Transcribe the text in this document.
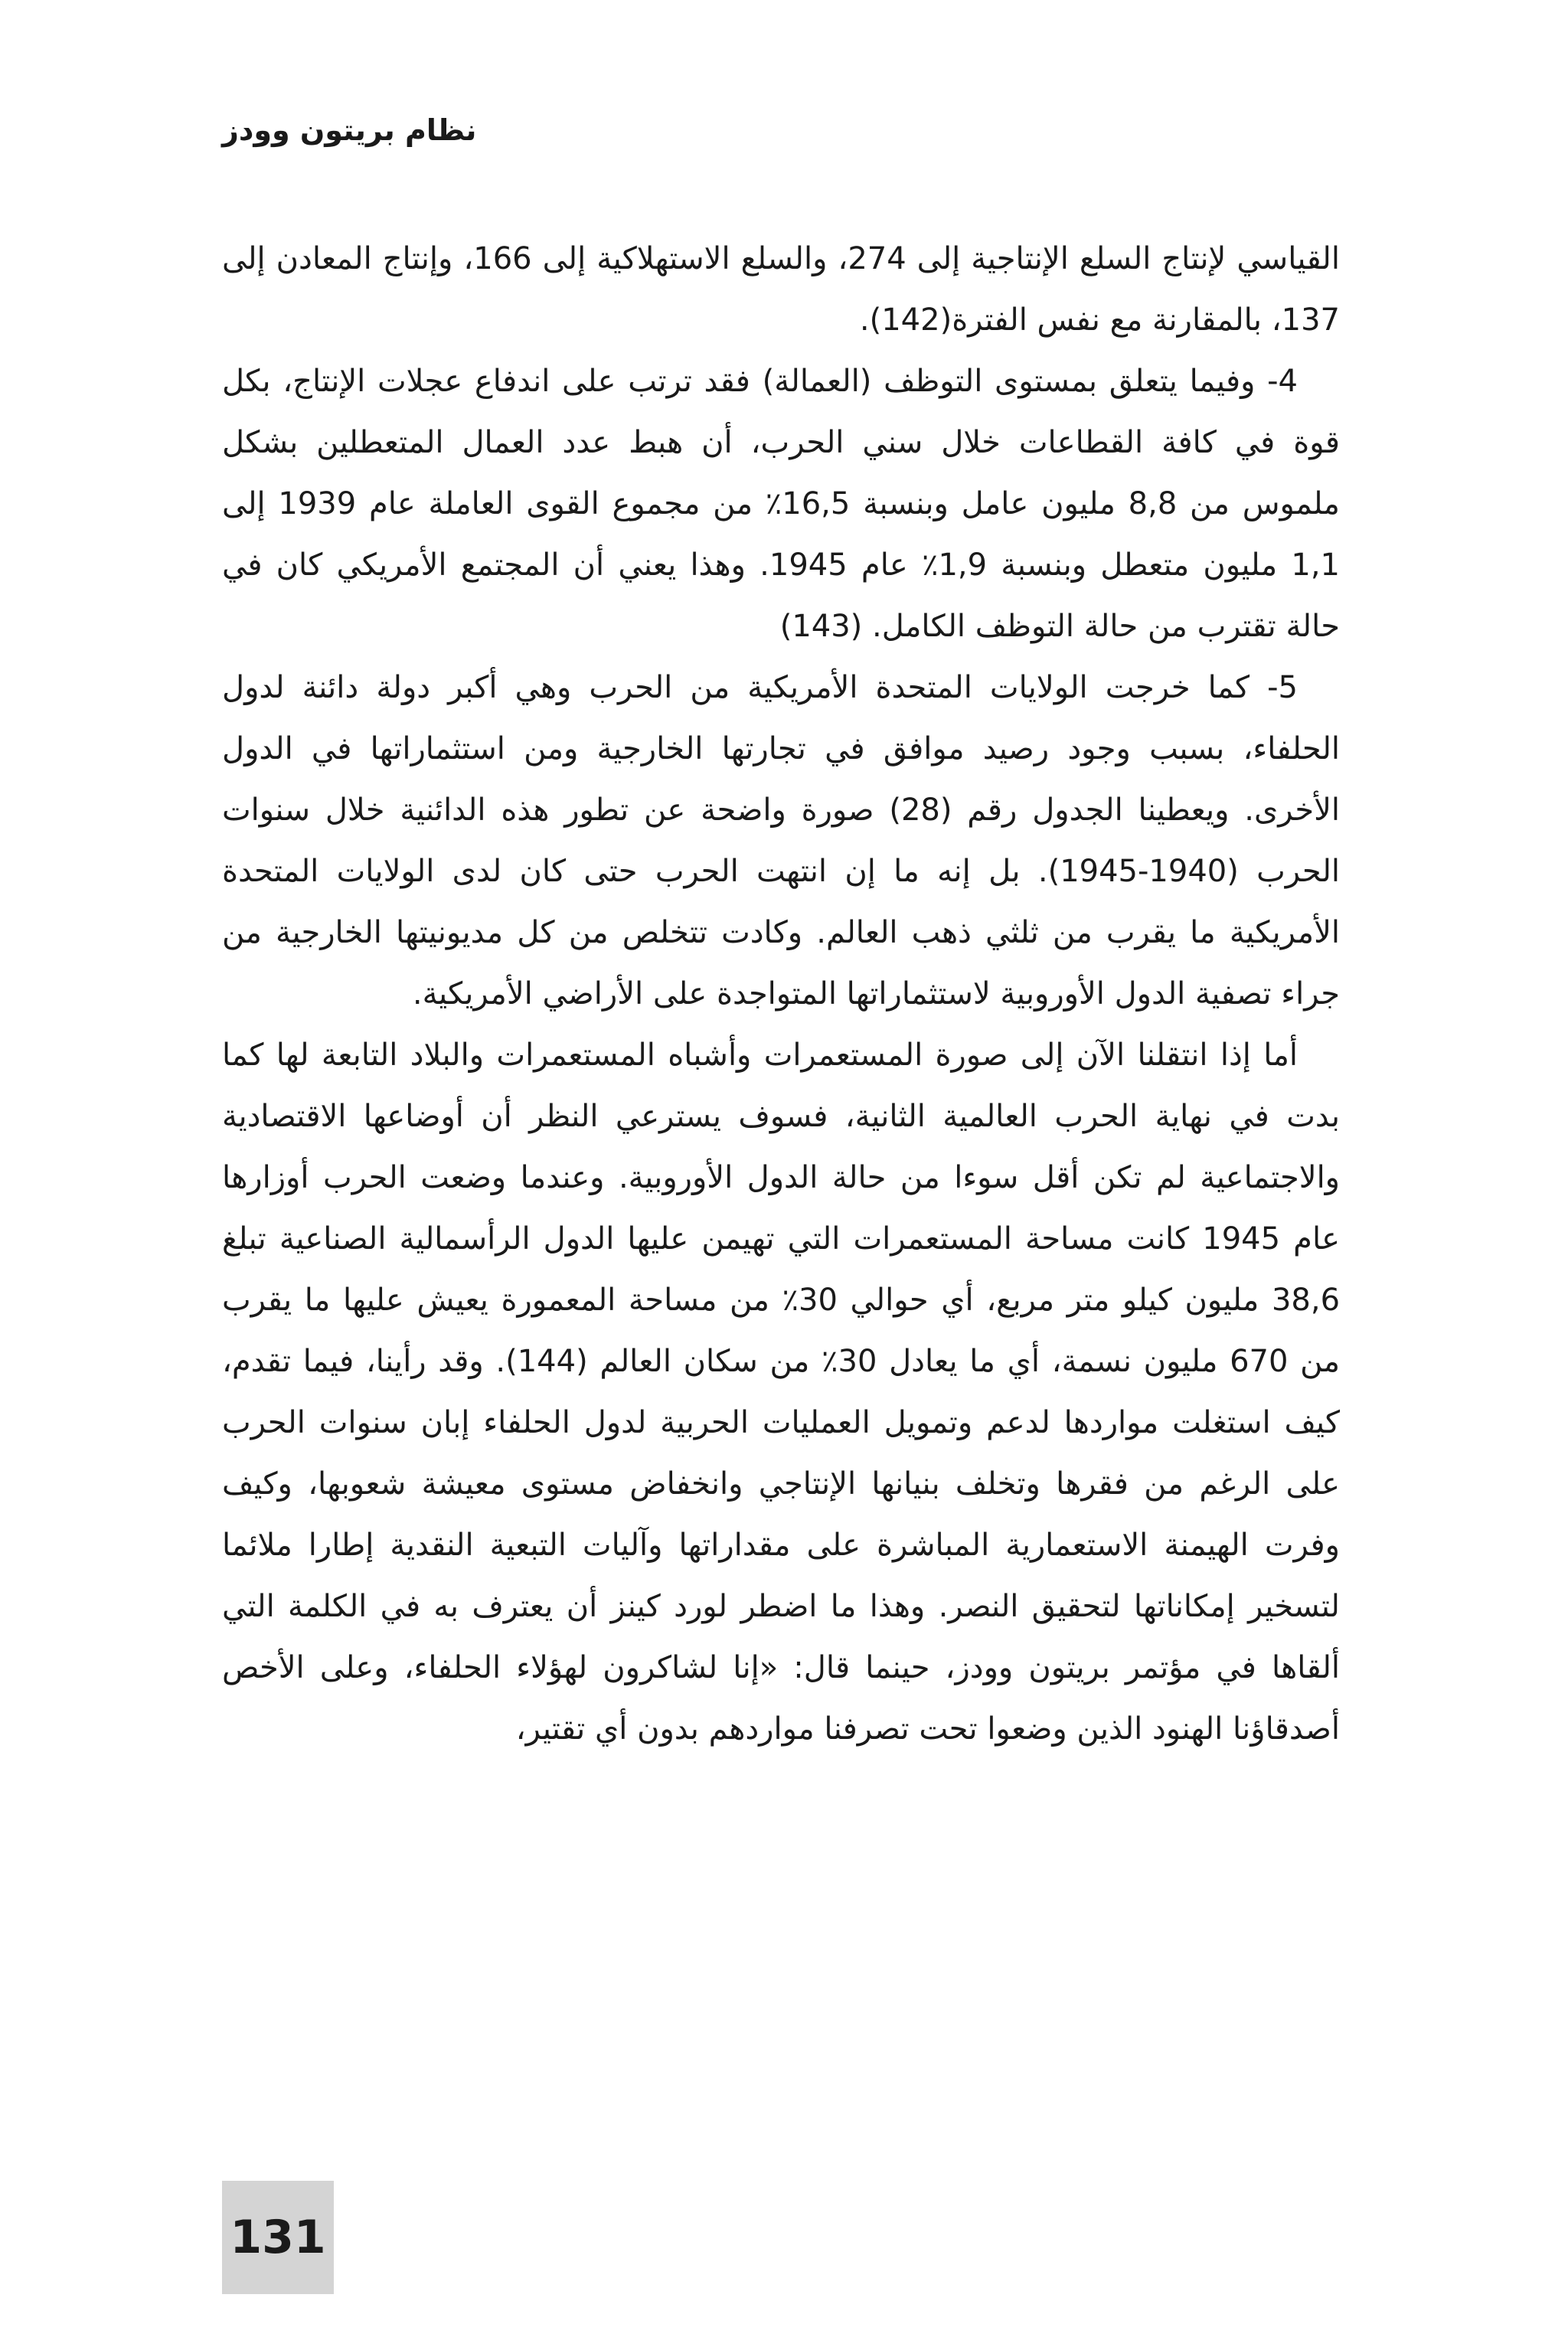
نظام بريتون وودز

القياسي لإنتاج السلع الإنتاجية إلى 274، والسلع الاستهلاكية إلى 166، وإنتاج المعادن إلى 137، بالمقارنة مع نفس الفترة(142).

4- وفيما يتعلق بمستوى التوظف (العمالة) فقد ترتب على اندفاع عجلات الإنتاج، بكل قوة في كافة القطاعات خلال سني الحرب، أن هبط عدد العمال المتعطلين بشكل ملموس من 8,8 مليون عامل وبنسبة 16,5٪ من مجموع القوى العاملة عام 1939 إلى 1,1 مليون متعطل وبنسبة 1,9٪ عام 1945. وهذا يعني أن المجتمع الأمريكي كان في حالة تقترب من حالة التوظف الكامل. (143)

5- كما خرجت الولايات المتحدة الأمريكية من الحرب وهي أكبر دولة دائنة لدول الحلفاء، بسبب وجود رصيد موافق في تجارتها الخارجية ومن استثماراتها في الدول الأخرى. ويعطينا الجدول رقم (28) صورة واضحة عن تطور هذه الدائنية خلال سنوات الحرب (1940-1945). بل إنه ما إن انتهت الحرب حتى كان لدى الولايات المتحدة الأمريكية ما يقرب من ثلثي ذهب العالم. وكادت تتخلص من كل مديونيتها الخارجية من جراء تصفية الدول الأوروبية لاستثماراتها المتواجدة على الأراضي الأمريكية.

أما إذا انتقلنا الآن إلى صورة المستعمرات وأشباه المستعمرات والبلاد التابعة لها كما بدت في نهاية الحرب العالمية الثانية، فسوف يسترعي النظر أن أوضاعها الاقتصادية والاجتماعية لم تكن أقل سوءا من حالة الدول الأوروبية. وعندما وضعت الحرب أوزارها عام 1945 كانت مساحة المستعمرات التي تهيمن عليها الدول الرأسمالية الصناعية تبلغ 38,6 مليون كيلو متر مربع، أي حوالي 30٪ من مساحة المعمورة يعيش عليها ما يقرب من 670 مليون نسمة، أي ما يعادل 30٪ من سكان العالم (144). وقد رأينا، فيما تقدم، كيف استغلت مواردها لدعم وتمويل العمليات الحربية لدول الحلفاء إبان سنوات الحرب على الرغم من فقرها وتخلف بنيانها الإنتاجي وانخفاض مستوى معيشة شعوبها، وكيف وفرت الهيمنة الاستعمارية المباشرة على مقداراتها وآليات التبعية النقدية إطارا ملائما لتسخير إمكاناتها لتحقيق النصر. وهذا ما اضطر لورد كينز أن يعترف به في الكلمة التي ألقاها في مؤتمر بريتون وودز، حينما قال: «إنا لشاكرون لهؤلاء الحلفاء، وعلى الأخص أصدقاؤنا الهنود الذين وضعوا تحت تصرفنا مواردهم بدون أي تقتير،

131
